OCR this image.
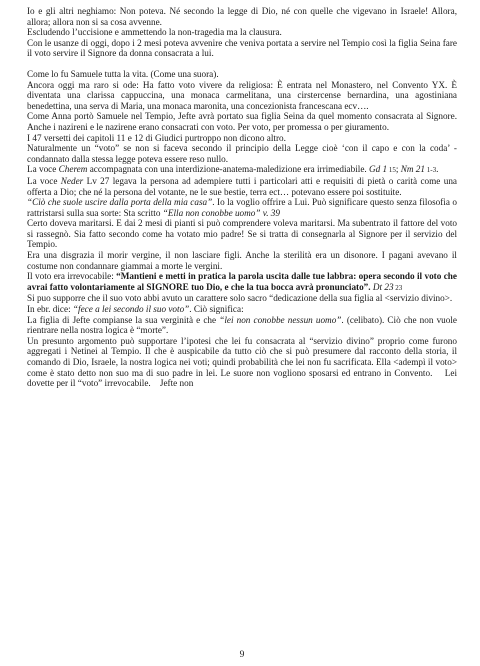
Io e gli altri neghiamo: Non poteva. Né secondo la legge di Dio, né con quelle che vigevano in Israele! Allora, allora; allora non si sa cosa avvenne.

Escludendo l’uccisione e ammettendo la non-tragedia ma la clausura.

Con le usanze di oggi, dopo i 2 mesi poteva avvenire che veniva portata a servire nel Tempio così la figlia Seina fare il voto servire il Signore da donna consacrata a lui.

Come lo fu Samuele tutta la vita. (Come una suora).

Ancora oggi ma raro si ode: Ha fatto voto vivere da religiosa: È entrata nel Monastero, nel Convento YX. È diventata una clarissa cappuccina, una monaca carmelitana, una cirstercense bernardina, una agostiniana benedettina, una serva di Maria, una monaca maronita, una concezionista francescana ecv….

Come Anna portò Samuele nel Tempio, Jefte avrà portato sua figlia Seina da quel momento consacrata al Signore. Anche i nazireni e le nazirene erano consacrati con voto. Per voto, per promessa o per giuramento.

I 47 versetti dei capitoli 11 e 12 di Giudici purtroppo non dicono altro.

Naturalmente un “voto” se non si faceva secondo il principio della Legge cioè ‘con il capo e con la coda’ - condannato dalla stessa legge poteva essere reso nullo.

La voce Cherem accompagnata con una interdizione-anatema-maledizione era irrimediabile. Gd 1 15; Nm 21 1-3.

La voce Neder Lv 27 legava la persona ad adempiere tutti i particolari atti e requisiti di pietà o carità come una offerta a Dio; che né la persona del votante, ne le sue bestie, terra ect… potevano essere poi sostituite.

“Ciò che suole uscire dalla porta della mia casa”. Io la voglio offrire a Lui. Può significare questo senza filosofia o rattristarsi sulla sua sorte: Sta scritto “Ella non conobbe uomo” v. 39

Certo doveva maritarsi. E dai 2 mesi di pianti si può comprendere voleva maritarsi. Ma subentrato il fattore del voto si rassegnò. Sia fatto secondo come ha votato mio padre! Se si tratta di consegnarla al Signore per il servizio del Tempio.

Era una disgrazia il morir vergine, il non lasciare figli. Anche la sterilità era un disonore. I pagani avevano il costume non condannare giammai a morte le vergini.

Il voto era irrevocabile: “Mantieni e metti in pratica la parola uscita dalle tue labbra: opera secondo il voto che avrai fatto volontariamente al SIGNORE tuo Dio, e che la tua bocca avrà pronunciato”. Dt 23 23

Si puo supporre che il suo voto abbi avuto un carattere solo sacro “dedicazione della sua figlia al <servizio divino>.

In ebr. dice: “fece a lei secondo il suo voto”. Ciò significa:

La figlia di Jefte compianse la sua verginità e che “lei non conobbe nessun uomo”. (celibato). Ciò che non vuole rientrare nella nostra logica è “morte”.

Un presunto argomento può supportare l’ipotesi che lei fu consacrata al “servizio divino” proprio come furono aggregati i Netinei al Tempio. Il che è auspicabile da tutto ciò che si può presumere dal racconto della storia, il comando di Dio, Israele, la nostra logica nei voti; quindi probabilità che lei non fu sacrificata. Ella <adempì il voto> come è stato detto non suo ma di suo padre in lei. Le suore non vogliono sposarsi ed entrano in Convento.    Lei dovette per il “voto” irrevocabile.    Jefte non

9
